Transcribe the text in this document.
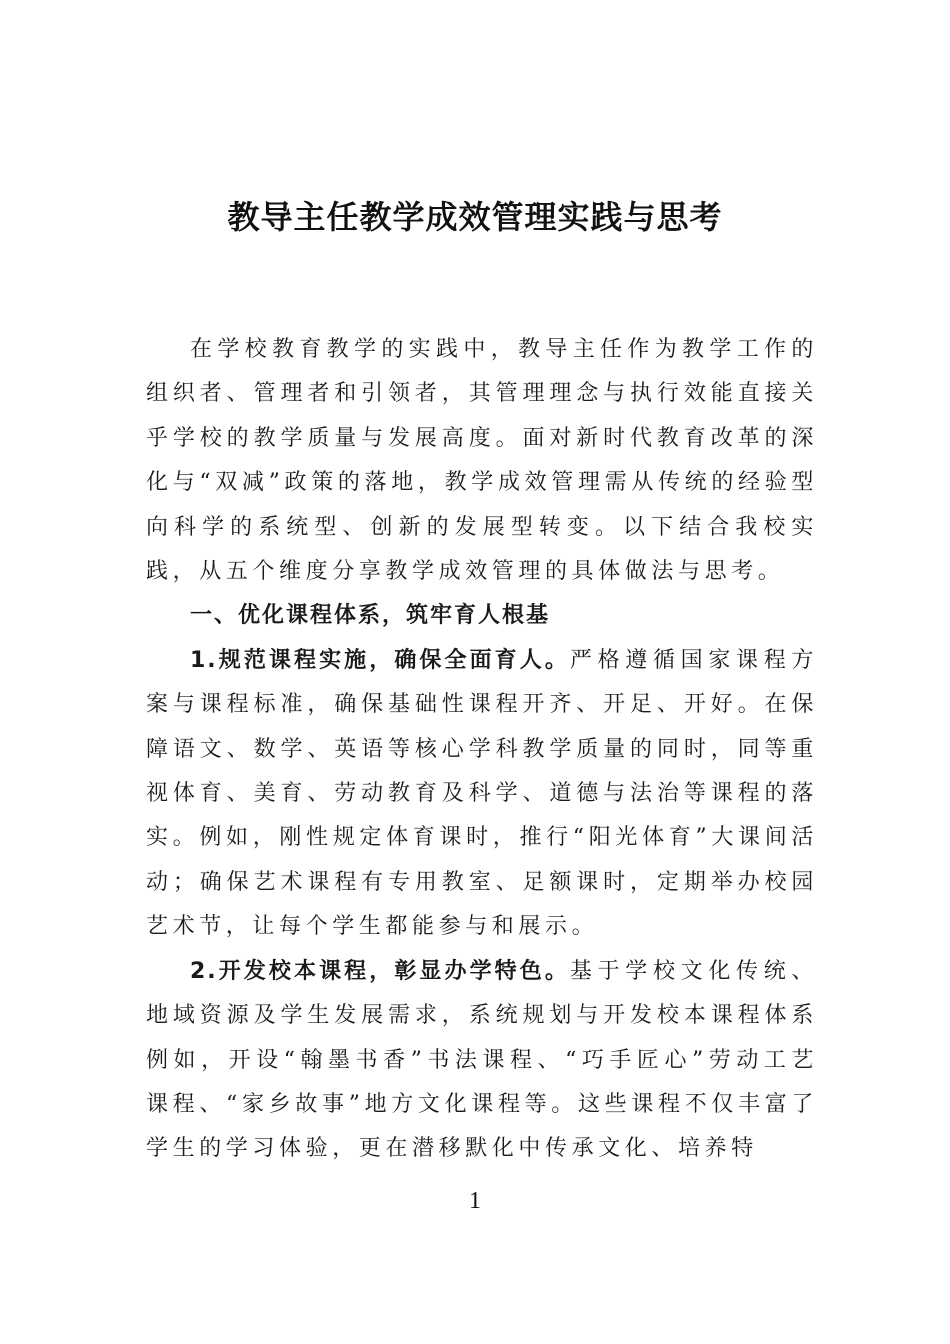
教导主任教学成效管理实践与思考

在学校教育教学的实践中，教导主任作为教学工作的组织者、管理者和引领者，其管理理念与执行效能直接关乎学校的教学质量与发展高度。面对新时代教育改革的深化与“双减”政策的落地，教学成效管理需从传统的经验型向科学的系统型、创新的发展型转变。以下结合我校实践，从五个维度分享教学成效管理的具体做法与思考。

一、优化课程体系，筑牢育人根基

1.规范课程实施，确保全面育人。严格遵循国家课程方案与课程标准，确保基础性课程开齐、开足、开好。在保障语文、数学、英语等核心学科教学质量的同时，同等重视体育、美育、劳动教育及科学、道德与法治等课程的落实。例如，刚性规定体育课时，推行“阳光体育”大课间活动；确保艺术课程有专用教室、足额课时，定期举办校园艺术节，让每个学生都能参与和展示。

2.开发校本课程，彰显办学特色。基于学校文化传统、地域资源及学生发展需求，系统规划与开发校本课程体系例如，开设“翰墨书香”书法课程、“巧手匠心”劳动工艺课程、“家乡故事”地方文化课程等。这些课程不仅丰富了学生的学习体验，更在潜移默化中传承文化、培养特

1
